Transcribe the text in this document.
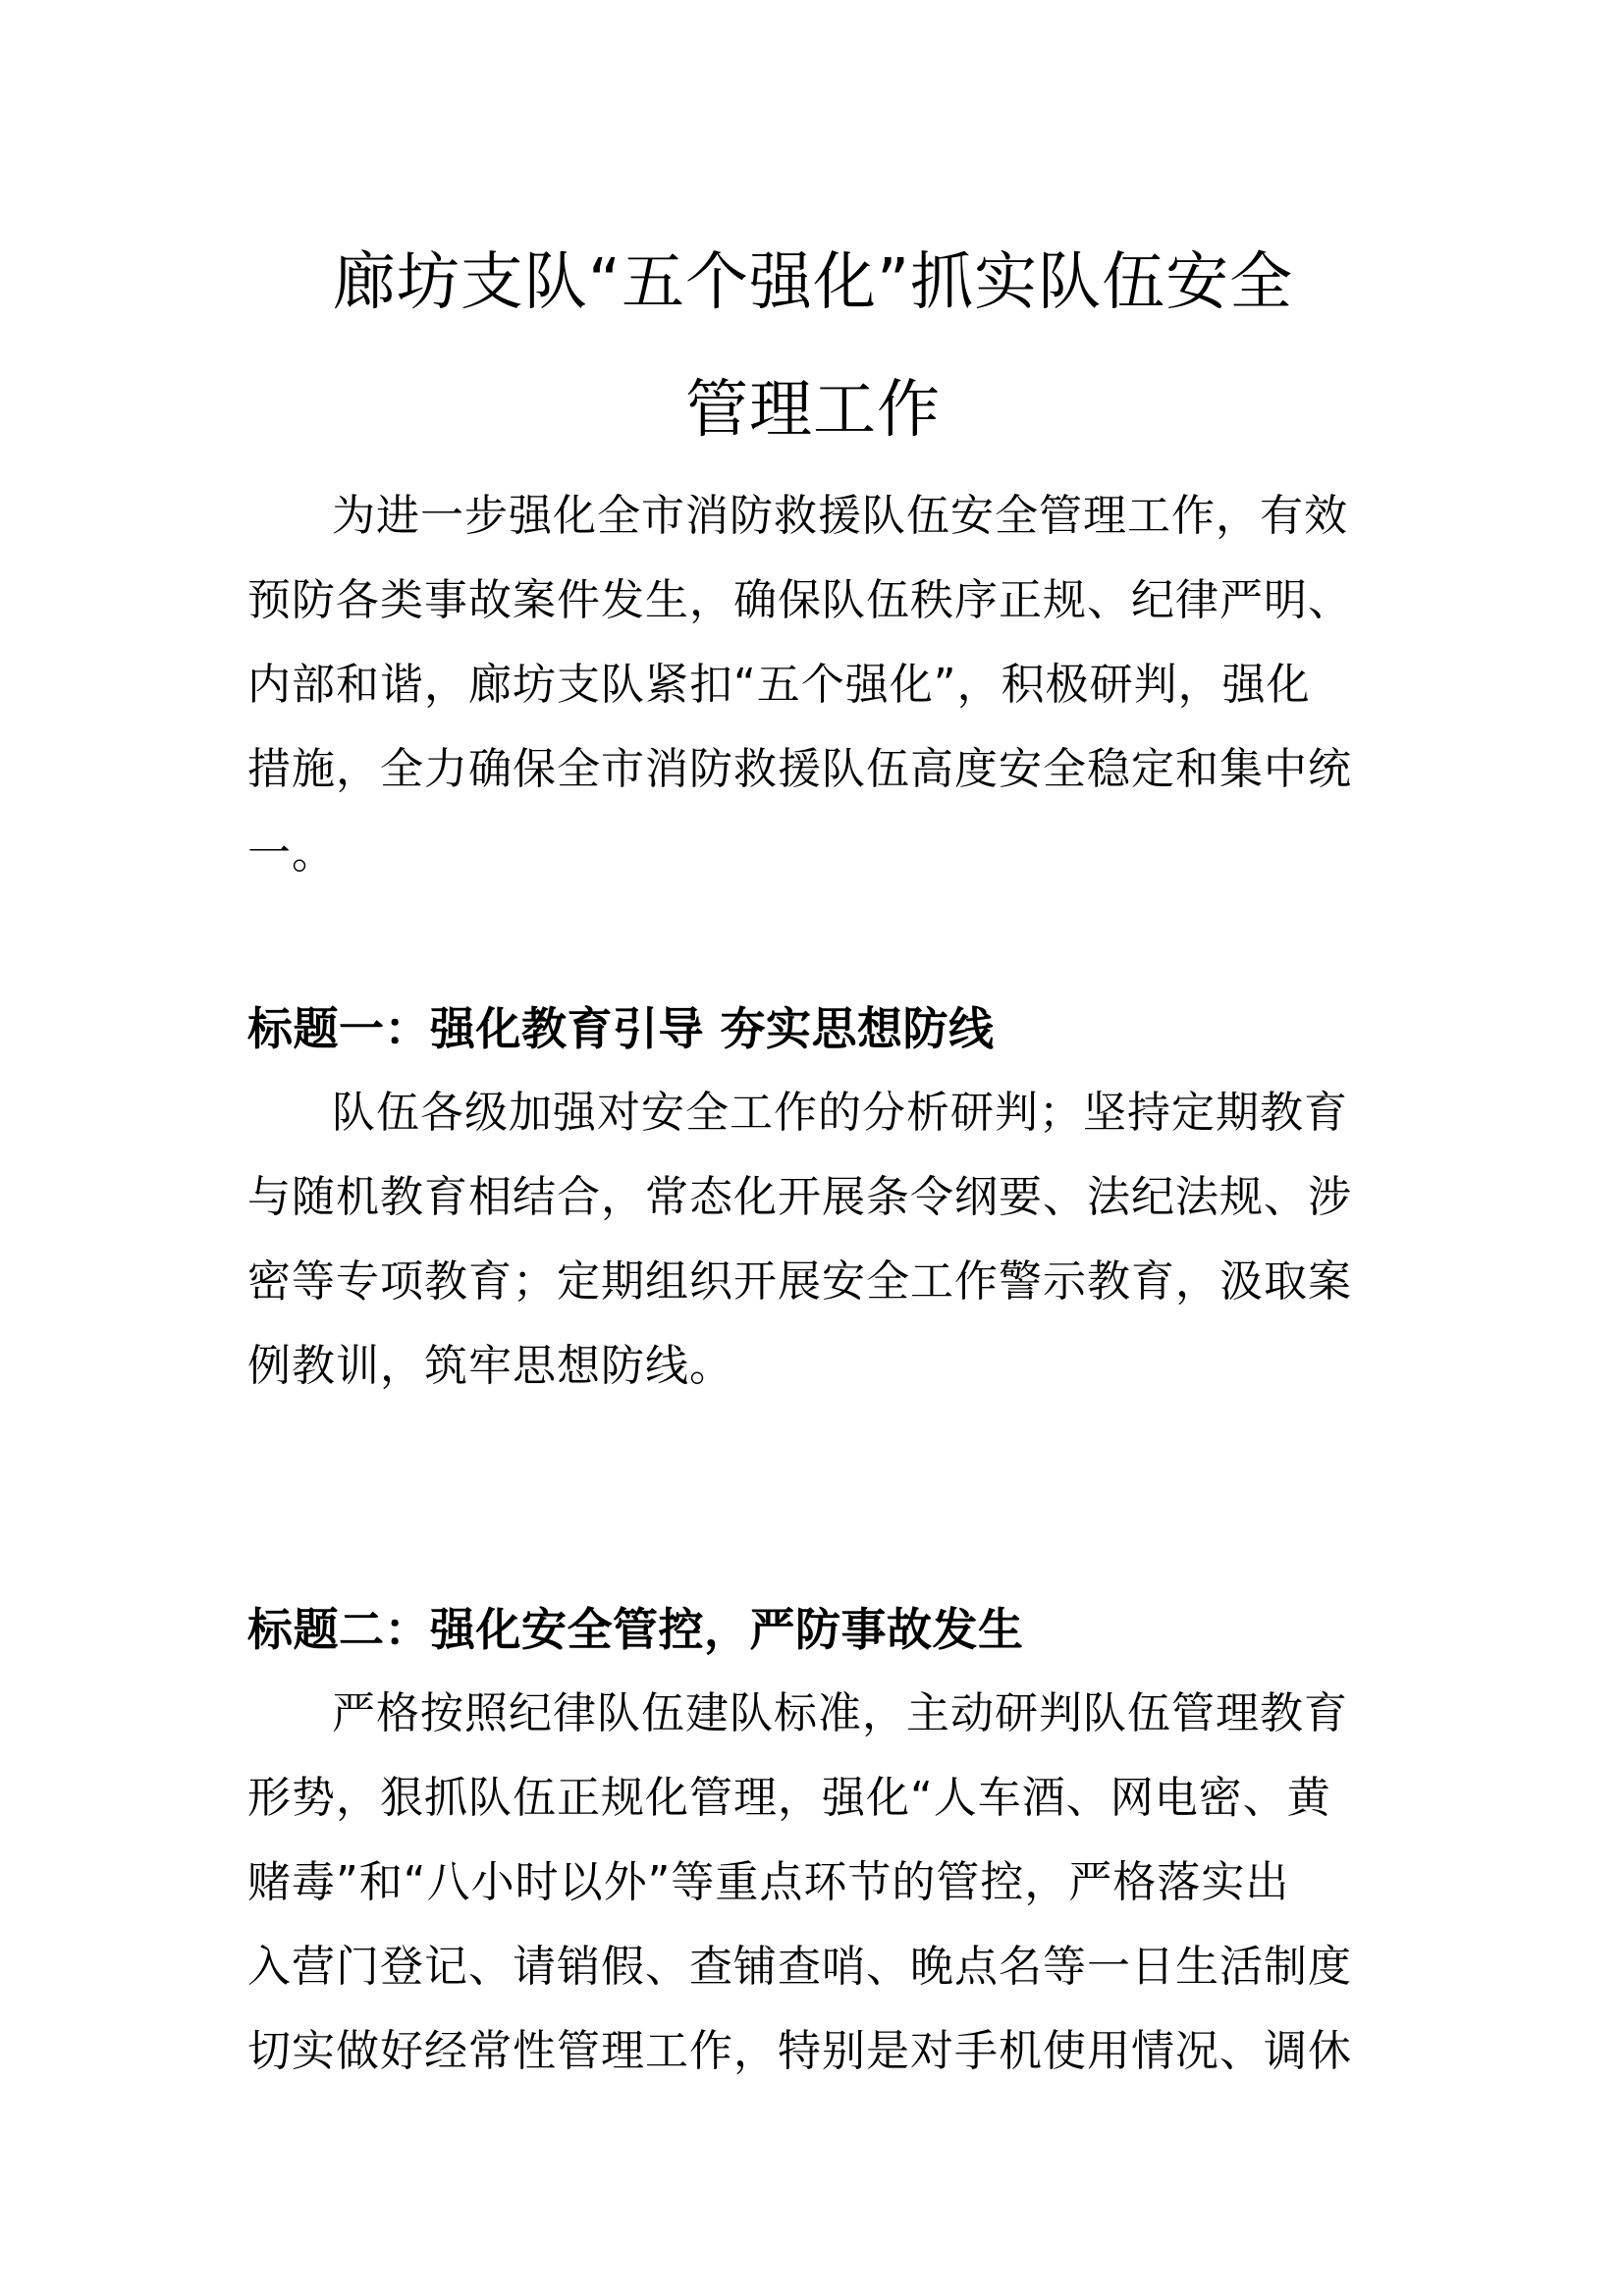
廊坊支队“五个强化”抓实队伍安全
管理工作
为进一步强化全市消防救援队伍安全管理工作，有效
预防各类事故案件发生，确保队伍秩序正规、纪律严明、
内部和谐，廊坊支队紧扣“五个强化”，积极研判，强化
措施，全力确保全市消防救援队伍高度安全稳定和集中统
一。
标题一：强化教育引导 夯实思想防线
队伍各级加强对安全工作的分析研判；坚持定期教育
与随机教育相结合，常态化开展条令纲要、法纪法规、涉
密等专项教育；定期组织开展安全工作警示教育，汲取案
例教训，筑牢思想防线。
标题二：强化安全管控，严防事故发生
严格按照纪律队伍建队标准，主动研判队伍管理教育
形势，狠抓队伍正规化管理，强化“人车酒、网电密、黄
赌毒”和“八小时以外”等重点环节的管控，严格落实出
入营门登记、请销假、查铺查哨、晚点名等一日生活制度
切实做好经常性管理工作，特别是对手机使用情况、调休
